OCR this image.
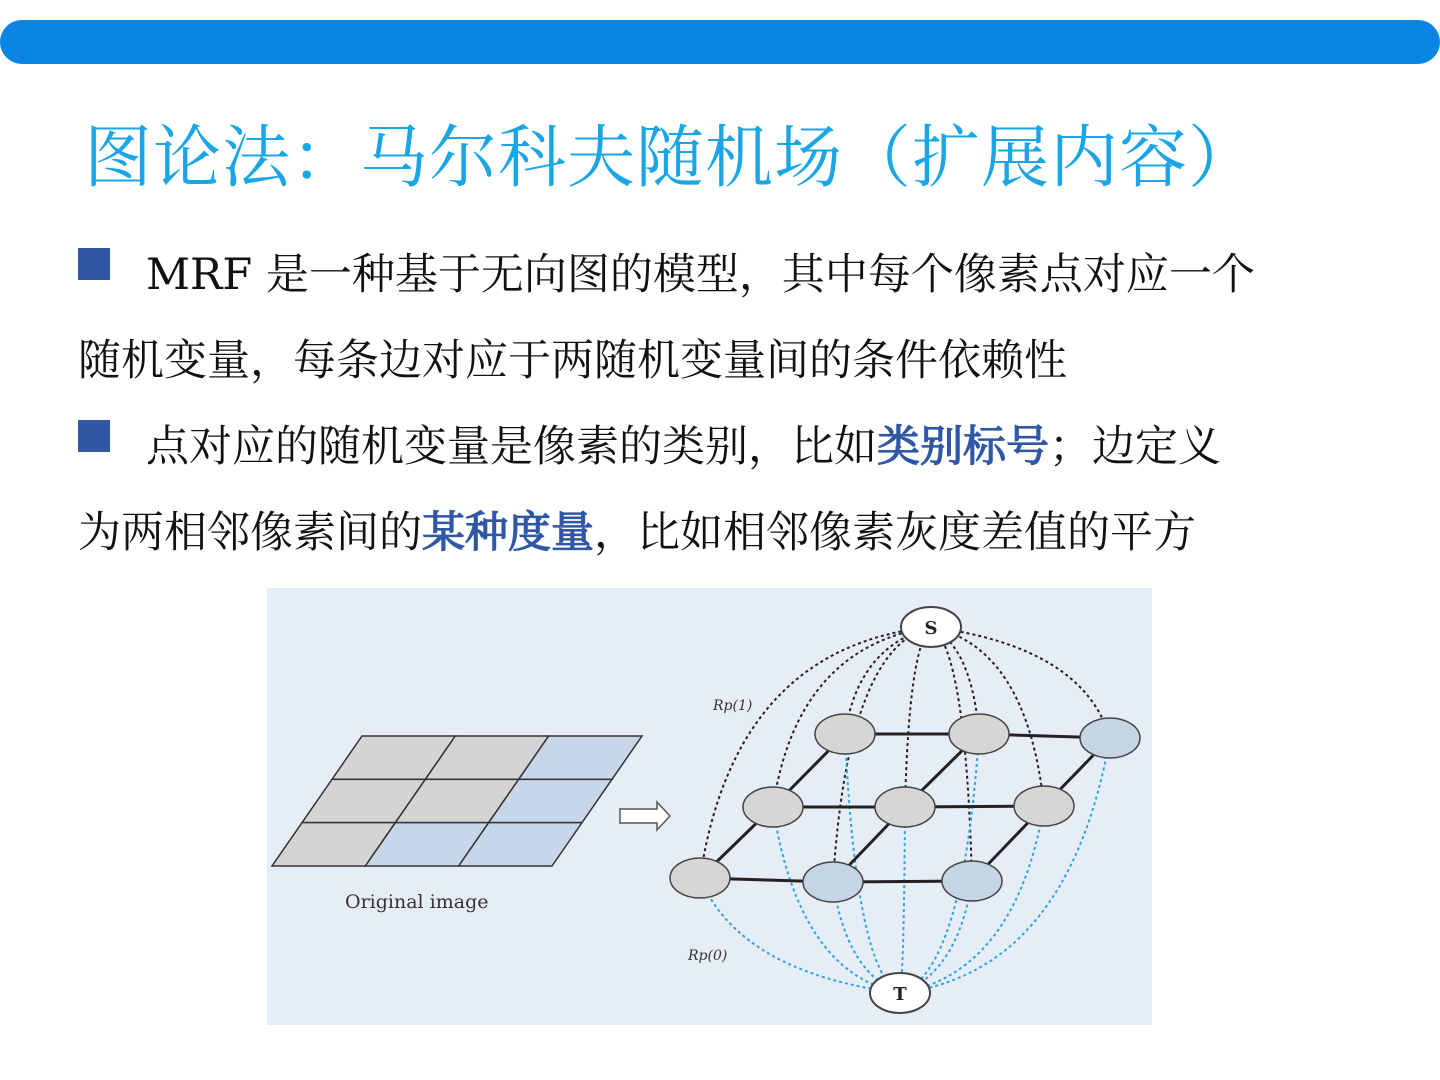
图论法：马尔科夫随机场（扩展内容）
MRF 是一种基于无向图的模型，其中每个像素点对应一个
随机变量，每条边对应于两随机变量间的条件依赖性
点对应的随机变量是像素的类别，比如类别标号；边定义
为两相邻像素间的某种度量，比如相邻像素灰度差值的平方
Original image
S
T
Rp(1)
Rp(0)
